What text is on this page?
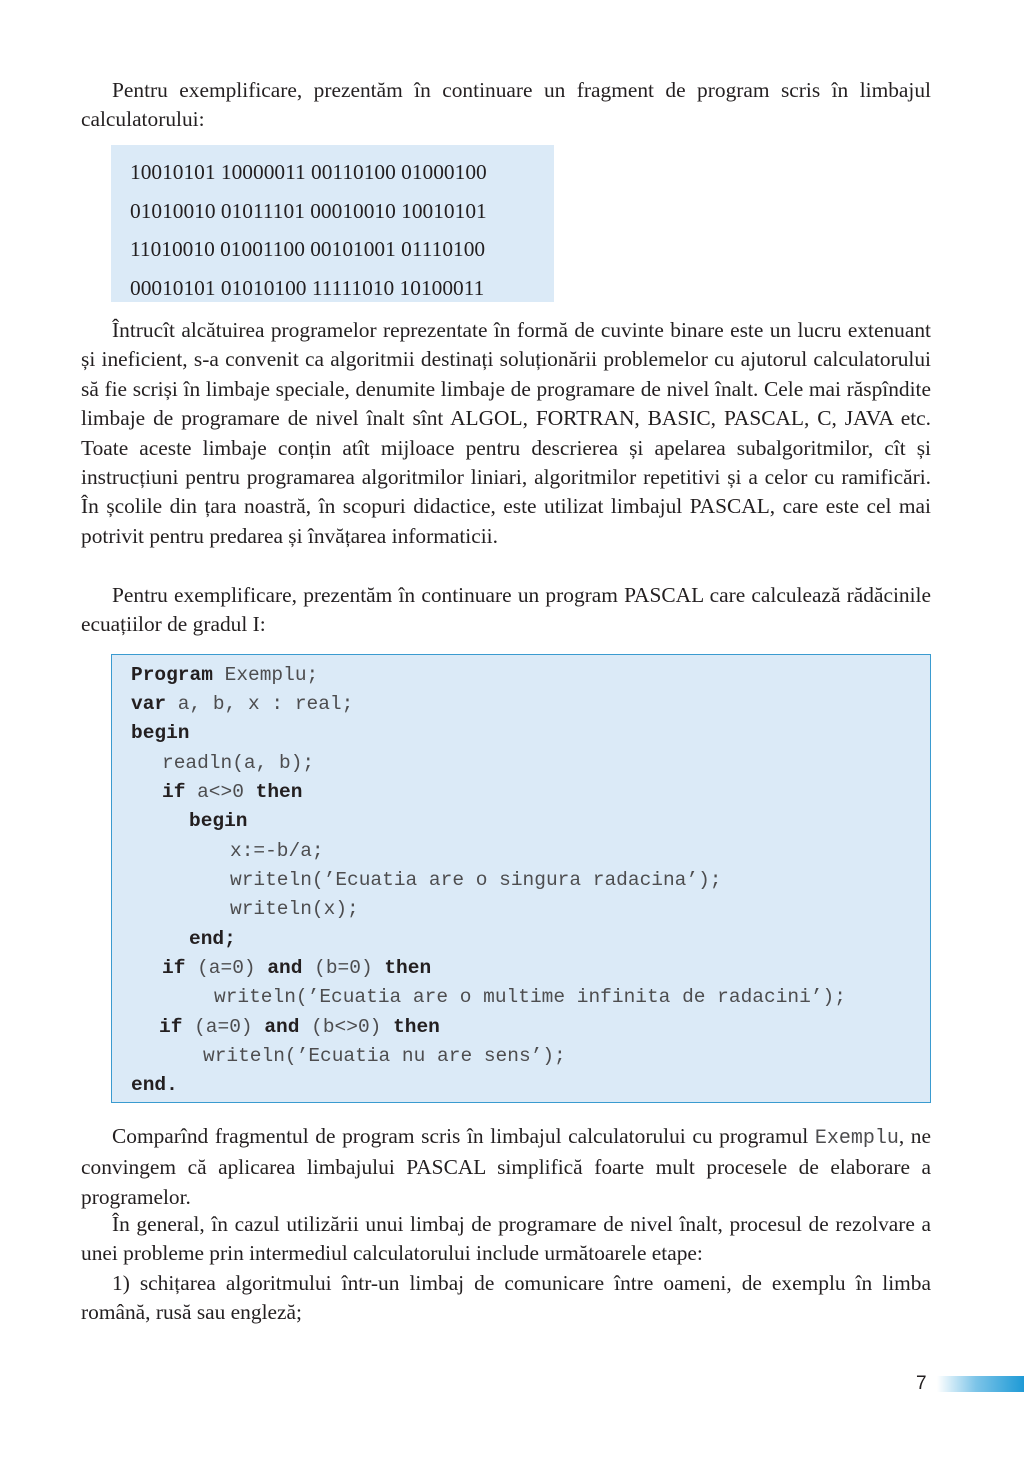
Pentru exemplificare, prezentăm în continuare un fragment de program scris în limbajul calculatorului:

10010101 10000011 00110100 01000100
01010010 01011101 00010010 10010101
11010010 01001100 00101001 01110100
00010101 01010100 11111010 10100011

Întrucît alcătuirea programelor reprezentate în formă de cuvinte binare este un lucru extenuant și ineficient, s-a convenit ca algoritmii destinați soluționării problemelor cu ajutorul calculatorului să fie scriși în limbaje speciale, denumite limbaje de programare de nivel înalt. Cele mai răspîndite limbaje de programare de nivel înalt sînt ALGOL, FORTRAN, BASIC, PASCAL, C, JAVA etc. Toate aceste limbaje conțin atît mijloace pentru descrierea și apelarea subalgoritmilor, cît și instrucțiuni pentru programarea algoritmilor liniari, algoritmilor repetitivi și a celor cu ramificări. În școlile din țara noastră, în scopuri didactice, este utilizat limbajul PASCAL, care este cel mai potrivit pentru predarea și învățarea informaticii.

Pentru exemplificare, prezentăm în continuare un program PASCAL care calculează rădăcinile ecuațiilor de gradul I:

Program Exemplu;
var a, b, x : real;
begin
readln(a, b);
if a<>0 then
begin
x:=-b/a;
writeln(’Ecuatia are o singura radacina’);
writeln(x);
end;
if (a=0) and (b=0) then
writeln(’Ecuatia are o multime infinita de radacini’);
if (a=0) and (b<>0) then
writeln(’Ecuatia nu are sens’);
end.

Comparînd fragmentul de program scris în limbajul calculatorului cu programul Exemplu, ne convingem că aplicarea limbajului PASCAL simplifică foarte mult procesele de elaborare a programelor.

În general, în cazul utilizării unui limbaj de programare de nivel înalt, procesul de rezolvare a unei probleme prin intermediul calculatorului include următoarele etape:

1) schițarea algoritmului într-un limbaj de comunicare între oameni, de exemplu în limba română, rusă sau engleză;

7
